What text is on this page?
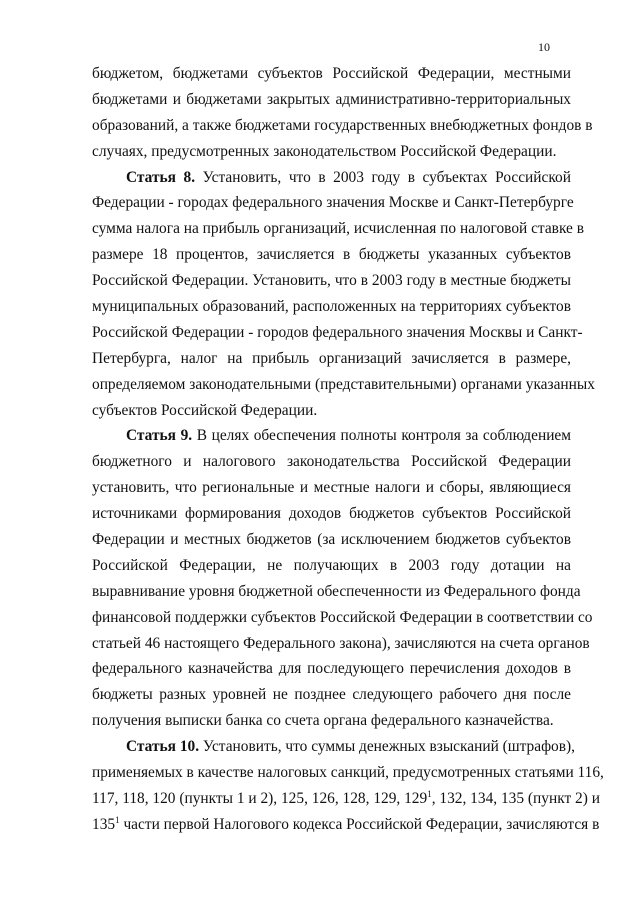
10
бюджетом, бюджетами субъектов Российской Федерации, местными
бюджетами и бюджетами закрытых административно-территориальных
образований, а также бюджетами государственных внебюджетных фондов в
случаях, предусмотренных законодательством Российской Федерации.
Статья 8. Установить, что в 2003 году в субъектах Российской
Федерации - городах федерального значения Москве и Санкт-Петербурге
сумма налога на прибыль организаций, исчисленная по налоговой ставке в
размере 18 процентов, зачисляется в бюджеты указанных субъектов
Российской Федерации. Установить, что в 2003 году в местные бюджеты
муниципальных образований, расположенных на территориях субъектов
Российской Федерации - городов федерального значения Москвы и Санкт-
Петербурга, налог на прибыль организаций зачисляется в размере,
определяемом законодательными (представительными) органами указанных
субъектов Российской Федерации.
Статья 9. В целях обеспечения полноты контроля за соблюдением
бюджетного и налогового законодательства Российской Федерации
установить, что региональные и местные налоги и сборы, являющиеся
источниками формирования доходов бюджетов субъектов Российской
Федерации и местных бюджетов (за исключением бюджетов субъектов
Российской Федерации, не получающих в 2003 году дотации на
выравнивание уровня бюджетной обеспеченности из Федерального фонда
финансовой поддержки субъектов Российской Федерации в соответствии со
статьей 46 настоящего Федерального закона), зачисляются на счета органов
федерального казначейства для последующего перечисления доходов в
бюджеты разных уровней не позднее следующего рабочего дня после
получения выписки банка со счета органа федерального казначейства.
Статья 10. Установить, что суммы денежных взысканий (штрафов),
применяемых в качестве налоговых санкций, предусмотренных статьями 116,
117, 118, 120 (пункты 1 и 2), 125, 126, 128, 129, $129^1$, 132, 134, 135 (пункт 2) и
$135^1$ части первой Налогового кодекса Российской Федерации, зачисляются в
